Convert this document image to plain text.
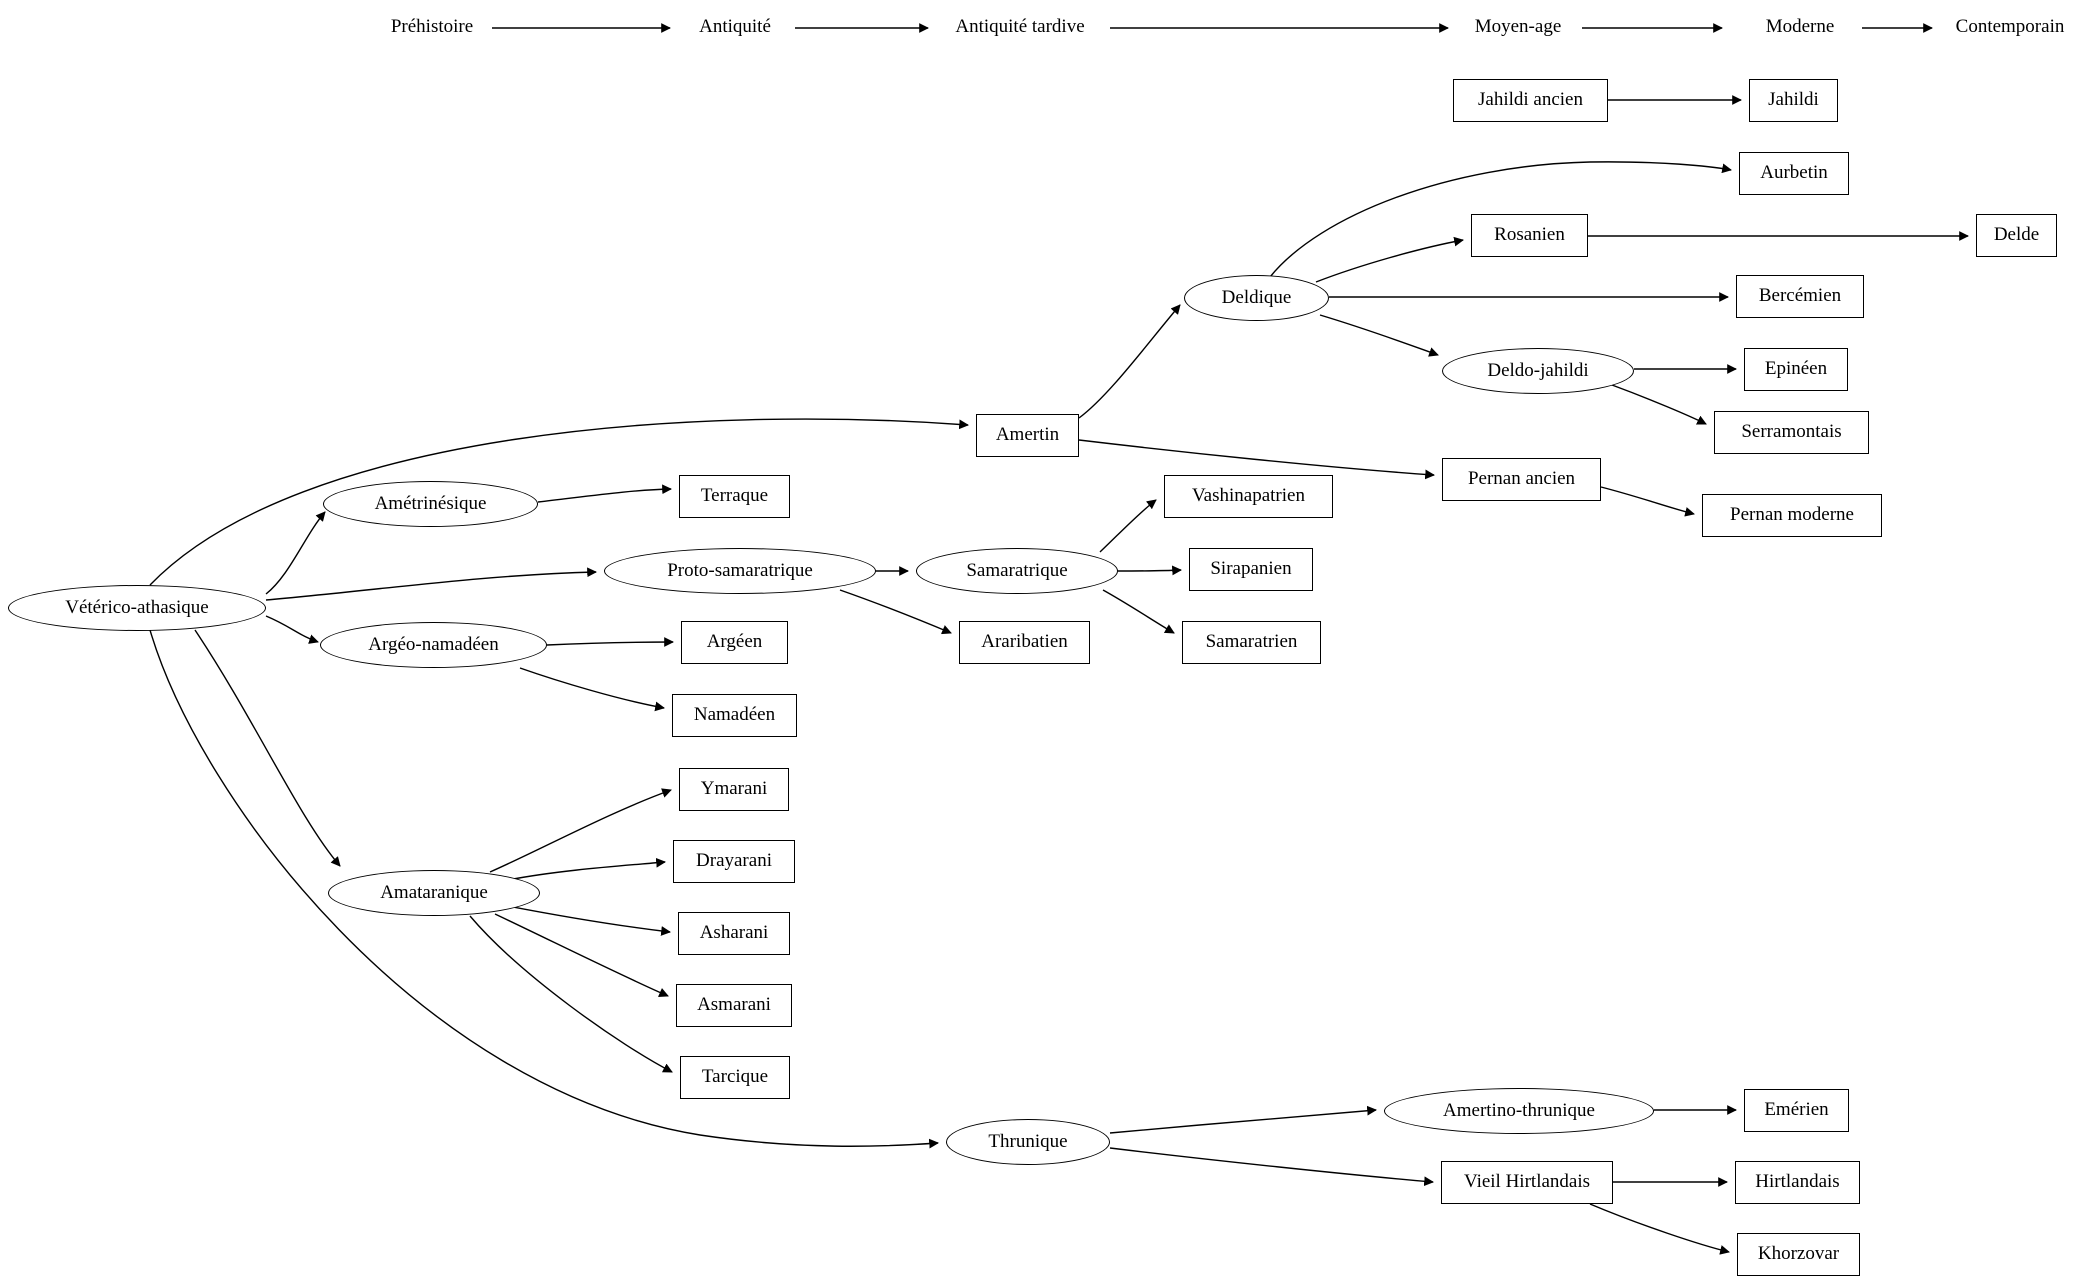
Préhistoire	Antiquité	Antiquité tardive	Moyen-age	Moderne	Contemporain
Vétérico-athasique
Amétrinésique
Argéo-namadéen
Amataranique
Terraque
Argéen
Namadéen
Proto-samaratrique	Samaratrique
Araribatien
Vashinapatrien
Sirapanien
Samaratrien
Amertin
Deldique
Jahildi ancien	Jahildi
Aurbetin
Rosanien	Delde
Bercémien
Deldo-jahildi	Epinéen
Serramontais
Pernan ancien
Pernan moderne
Ymarani
Drayarani
Asharani
Asmarani
Tarcique
Thrunique
Amertino-thrunique	Emérien
Vieil Hirtlandais	Hirtlandais
Khorzovar
